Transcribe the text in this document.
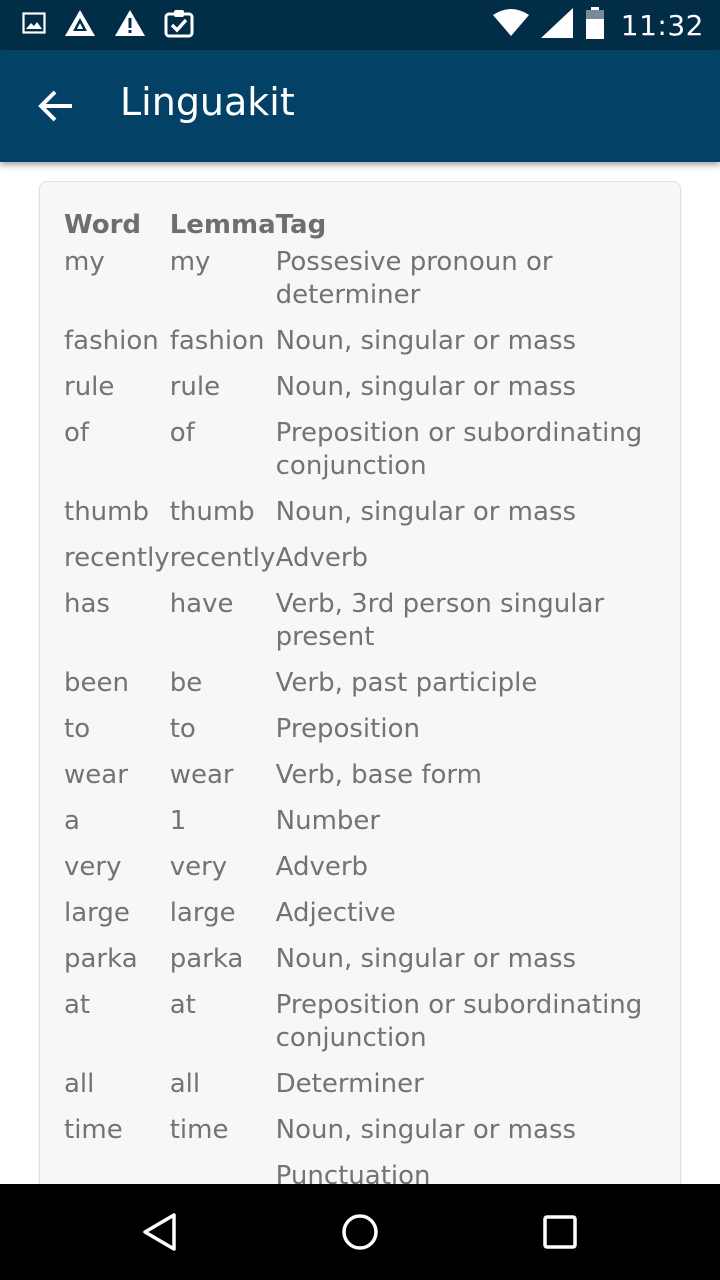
11:32
Linguakit
Word	Lemma	Tag
my	my	Possesive pronoun or determiner
fashion	fashion	Noun, singular or mass
rule	rule	Noun, singular or mass
of	of	Preposition or subordinating conjunction
thumb	thumb	Noun, singular or mass
recently	recently	Adverb
has	have	Verb, 3rd person singular present
been	be	Verb, past participle
to	to	Preposition
wear	wear	Verb, base form
a	1	Number
very	very	Adverb
large	large	Adjective
parka	parka	Noun, singular or mass
at	at	Preposition or subordinating conjunction
all	all	Determiner
time	time	Noun, singular or mass
		Punctuation
